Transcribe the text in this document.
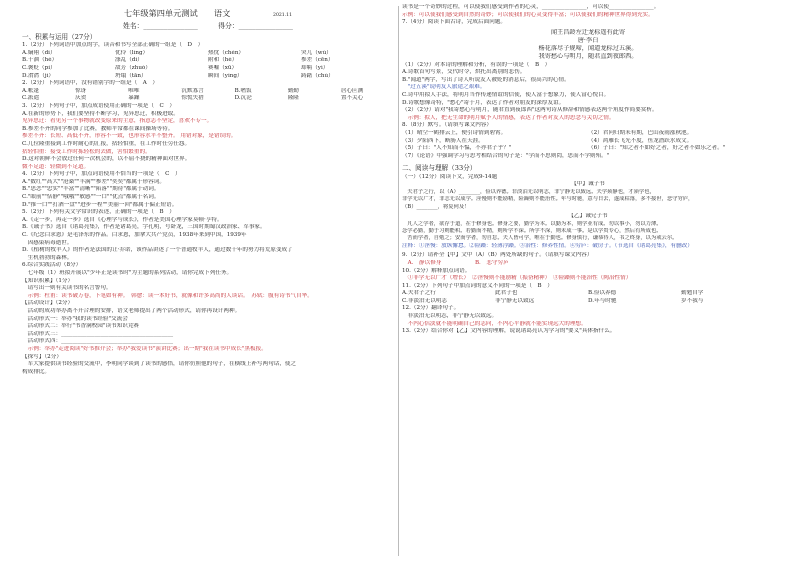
七年级第四单元测试　　语文	2021.11
姓名：________________　　　得分：________________
一、积累与运用（27分）
1.（2分）下列词语中加点的字，读音和书写全部正确的一组是（　D　）
A.嫡翔（dí）	优伶（líng）	热忱（chén）	突兀（wù）
B.干涸（hé）	涤乱（dí）	附和（hè）	参差（cēn）
C.褒贬（pí）	敌芳（zhuó）	赛嘘（xū）	却羁（yì）
D.潸潸（jì）	坍塌（tān）	瞬间（yíng）	踌躇（chú）
2.（2分）下列词语中，没有错别字的一组是（　A　）
A.帐篷	惊讶	唯唯	沉默寡言	B.嗜饭	勤勤	居心叵测
C.派遣	庆贺	暴躁	惊慌失措	D.沉沦	隆隆	置不关心
3.（2分）下列句子中，加点成语使用正确的一项是（　C　）
A.在新的形势下，我们要坚持不断学习，见异思迁，积极进取。
见异思迁：看见另一个事物就改变原来的主意，指意志不坚定，喜欢不专一。
B.参差不齐的同学参加了比赛，教师平常都在课间操场等待。
参差不齐：长短、高低不齐，形容不一致，也形容水平不整齐。 用错对象，是错误的。
C.几位隆重接到工作时耐心的汇报，拈轻怕重，在工作时任劳任怨。
拈轻怕重：接受工作时拣轻松的去做，害怕繁重的。
D.这对朝鲜不会放过任何一次机会的，以不屈不挠的精神面对世界。
微不足道：轻微到不足道。
4.（2分）下列句子中，加点词语使用不恰当的一项是（　C　）
A."数红""高大""沧桑""丰满""参差""奕奕"都属于形容词。
B."思恋""忠实""丰富""清晰""陷落""期待"都属于动词。
C."眼前""恬静""哦哦""敏感""一口""优点"都属于名词。
D."推一口""打酒一盘""进步一程""美丽一回"都属于偏正短语。
5.（2分）下列有关文学常识的表述，正确的一项是（　B　）
A.《走一步，再走一步》选自《心理学与成长》，作者是美国心理学家莫顿·亨特。
B.《诫子书》选自《诸葛亮集》，作者是诸葛亮，字孔明，号卧龙，三国时期蜀汉政治家、军事家。
C.《纪念白求恩》是毛泽东的作品。白求恩，加拿大共产党员，1938年来到中国，1939年
　因感染病毒逝世。
D.《植树的牧羊人》的作者是法国的让·乔诺，该作品讲述了一个普通牧羊人，通过数十年的努力将荒原变成了
　生机勃勃的森林。
6.综合实践活动（8分）
　七年级（1）班拟开展以"少年正是读书时"为主题的系列活动，请你完成下列任务。
【知识积累】（1分）
　请写出一则有关读书的名言警句。
　示例：杜甫：读书破万卷，下笔如有神。　韩愈：读一本好书，就像和许多高尚的人谈话。　苏轼：腹有诗书气自华。
【活动设计】（2分）
　活动的成功举办离不开合理的安排，语文老师提出了两个活动形式，请你再设计两种。
　活动形式一：举办"我的读书经验"交流会
　活动形式二：举行"书香满校园"读书知识竞赛
　活动形式三：________________________________________
　活动形式四：________________________________________
　示例：举办"走进阅读"好书推介会；举办"我爱读书"演讲比赛；出一期"我在读书中成长"黑板报。
【探写】（2分）
　军大家提供读书经验的交流中，李明同学谈到了读书的感悟，请你仿照他的句子，在横线上补写两句话，使之
构成排比。
读书是一个奇妙的过程，可以使我们感受到作者的心灵，________________，可以使________________。
示例：可以使我们感受到自然的奇妙；可以使我们的心灵变得丰富；可以使我们的精神世界得到充实。
7.（4分）阅读下面古诗，完成后面问题。
闻王昌龄左迁龙标遥有此寄
唐·李白
杨花落尽子规啼，闻道龙标过五溪。
我寄愁心与明月，随君直到夜郎西。
（1）（2分）对本诗的理解和分析，有误的一项是（　B　）
A.诗歌首句写景，交代时令，烘托出离别的悲伤。
B."闻道"两字，写出了诗人听说友人被贬的消息后，很高兴的心情。
　"过五溪"说明友人旅途之艰难。
C.诗中用拟人手法，将明月当作传递情谊的信使，使人富于想象力，使人富心悦目。
D.诗歌想像奇特，"愁心"寄于月，表达了作者对朋友的深厚友谊。
（2）（2分）请对"我寄愁心与明月，随君直到夜郎西"这两句诗从修辞和情感表达两个角度作简要赏析。
　示例：拟人，把无生命的明月赋予人的情感，表达了作者对友人的思念与关切之情。
8.（8分）默写。（请填写课文内容）
（1）晴空一鹤排云上，便引诗情到碧霄。	（2）君问归期未有期，巴山夜雨涨秋池。
（3）夕阳西下，断肠人在天涯。	（4）鸿雁长飞光不度，鱼龙潜跃水成文。
（5）子曰："人不知而不愠，不亦君子乎？"	（6）子曰："知之者不如好之者，好之者不如乐之者。"
（7）《论语》中强调学习与思考相结合的句子是："学而不思则罔，思而不学则殆。"
二、阅读与理解（33分）
（一）（12分）阅读下文，完成9-14题
【甲】诫子书
　夫君子之行，以（A）________，俭以养德。非淡泊无以明志，非宁静无以致远。夫学须静也，才须学也，
非学无以广才，非志无以成学。淫慢则不能励精，险躁则不能治性。年与时驰，意与日去，遂成枯落，多不接世，悲守穷庐，
（B）________，将复何及！
【乙】诫兄子书
　凡人之学者，欲存于道，在于修身也。修身之要，勤学为本。以勤为本，则学业有成。勿以事小，勿以力薄。
念学必勤，勤于习则能积。若勤而不精，则所学不深。所学不深，则未成一事。是以学贵专心，然后有所成也。
　苦而学者，自勉之；安而学者，勿自怠。夫人皆可学，唯在于勤也。修身慎行，谦恭待人，书之终身，以为戒云尔。
注释：①淫慢：放纵懈怠。②险躁：轻薄浮躁。③治性：修养性情。④穷庐：破房子。（节选自《诸葛亮集》，有删改）
9.（2分）请补全【甲】文中（A）（B）两处所缺的句子。（请填写课文内容）
　A.　静以修身　　　　　　B.　悲守穷庐
10.（2分）解释加点词语。
　①非学无以广才（增长）　②淫慢则不能励精（振奋精神）　③险躁则不能治性（陶冶性情）
11.（2分）下列句子中加点词的意义不同的一项是（　B　）
A.夫君子之行	此君子也	B.俭以养德	勤勉自学
C.非淡泊无以明志	非宁静无以致远	D.年与时驰	岁不我与
12.（2分）翻译句子。
　非淡泊无以明志，非宁静无以致远。
　不内心恬淡就不能明确自己的志向，不内心平静就不能实现远大的理想。
13.（2分）结合你对【乙】文内容的理解，说说诸葛亮认为学习的"要义"具体指什么。
